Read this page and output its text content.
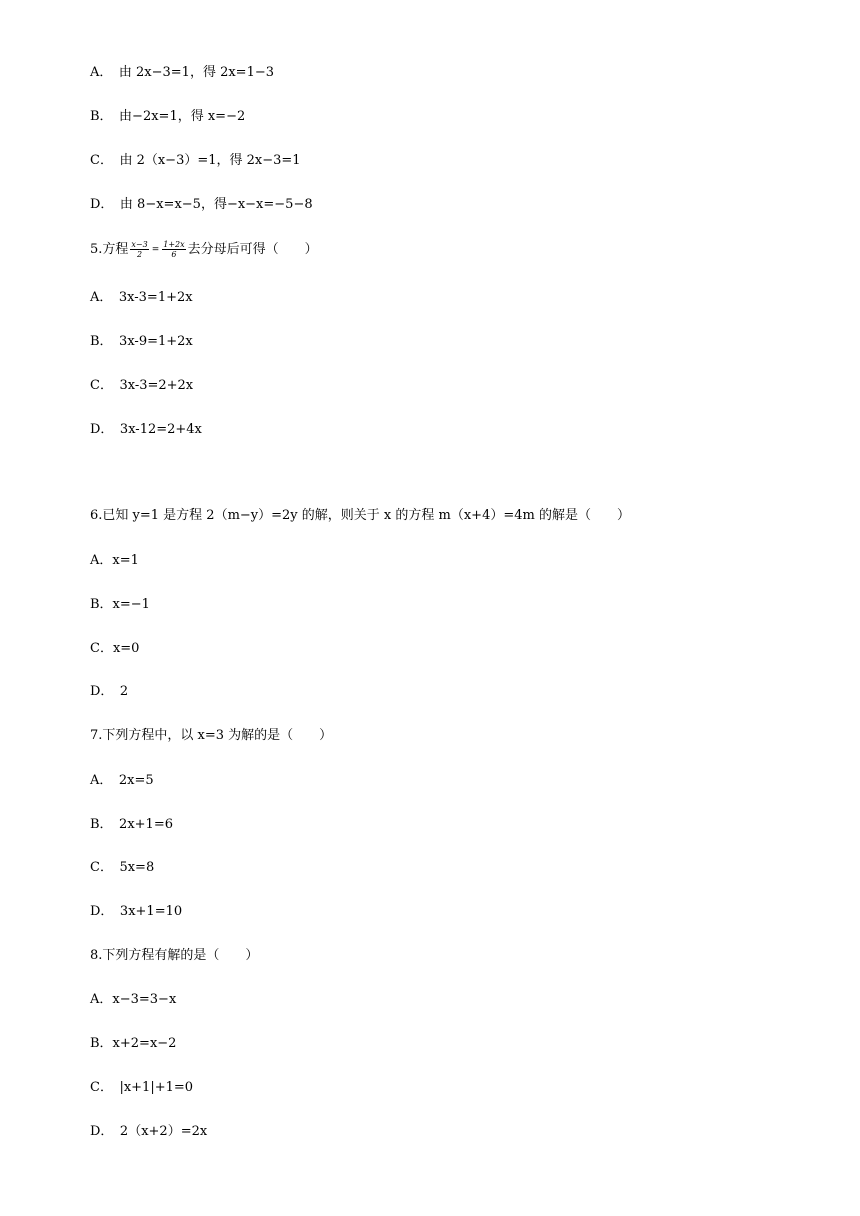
A．　由 2x−3=1，得 2x=1−3
B．　由−2x=1，得 x=−2
C．　由 2（x−3）=1，得 2x−3=1
D．　由 8−x=x−5，得−x−x=−5−8
5.方程 $\frac{x-3}{2} = \frac{1+2x}{6}$ 去分母后可得（　　）
A．　3x-3=1+2x
B．　3x-9=1+2x
C．　3x-3=2+2x
D．　3x-12=2+4x
6.已知 y=1 是方程 2（m−y）=2y 的解，则关于 x 的方程 m（x+4）=4m 的解是（　　）
A．x=1
B．x=−1
C．x=0
D．　2
7.下列方程中，以 x=3 为解的是（　　）
A．　2x=5
B．　2x+1=6
C．　5x=8
D．　3x+1=10
8.下列方程有解的是（　　）
A．x−3=3−x
B．x+2=x−2
C．　|x+1|+1=0
D．　2（x+2）=2x
